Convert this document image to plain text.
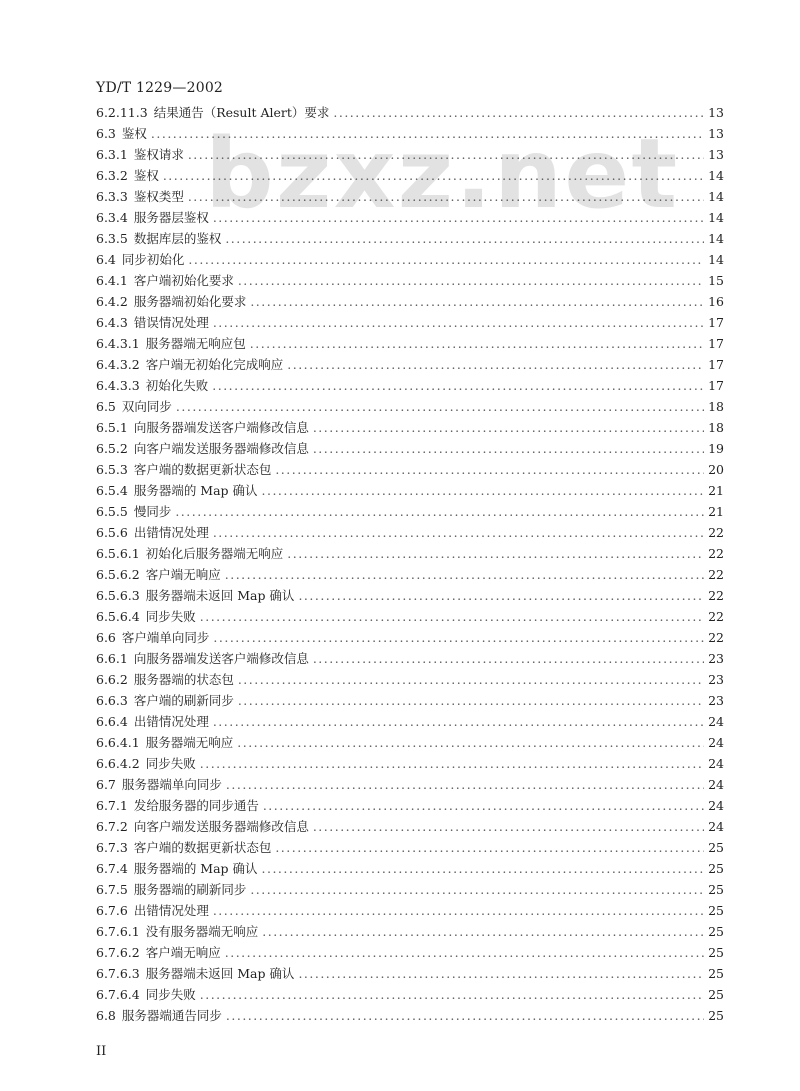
YD/T 1229—2002
bzxz.net
6.2.11.3 结果通告（Result Alert）要求 .....	13
6.3 鉴权 .....	13
6.3.1 鉴权请求 .....	13
6.3.2 鉴权 .....	14
6.3.3 鉴权类型 .....	14
6.3.4 服务器层鉴权 .....	14
6.3.5 数据库层的鉴权 .....	14
6.4 同步初始化 .....	14
6.4.1 客户端初始化要求 .....	15
6.4.2 服务器端初始化要求 .....	16
6.4.3 错误情况处理 .....	17
6.4.3.1 服务器端无响应包 .....	17
6.4.3.2 客户端无初始化完成响应 .....	17
6.4.3.3 初始化失败 .....	17
6.5 双向同步 .....	18
6.5.1 向服务器端发送客户端修改信息 .....	18
6.5.2 向客户端发送服务器端修改信息 .....	19
6.5.3 客户端的数据更新状态包 .....	20
6.5.4 服务器端的 Map 确认 .....	21
6.5.5 慢同步 .....	21
6.5.6 出错情况处理 .....	22
6.5.6.1 初始化后服务器端无响应 .....	22
6.5.6.2 客户端无响应 .....	22
6.5.6.3 服务器端未返回 Map 确认 .....	22
6.5.6.4 同步失败 .....	22
6.6 客户端单向同步 .....	22
6.6.1 向服务器端发送客户端修改信息 .....	23
6.6.2 服务器端的状态包 .....	23
6.6.3 客户端的刷新同步 .....	23
6.6.4 出错情况处理 .....	24
6.6.4.1 服务器端无响应 .....	24
6.6.4.2 同步失败 .....	24
6.7 服务器端单向同步 .....	24
6.7.1 发给服务器的同步通告 .....	24
6.7.2 向客户端发送服务器端修改信息 .....	24
6.7.3 客户端的数据更新状态包 .....	25
6.7.4 服务器端的 Map 确认 .....	25
6.7.5 服务器端的刷新同步 .....	25
6.7.6 出错情况处理 .....	25
6.7.6.1 没有服务器端无响应 .....	25
6.7.6.2 客户端无响应 .....	25
6.7.6.3 服务器端未返回 Map 确认 .....	25
6.7.6.4 同步失败 .....	25
6.8 服务器端通告同步 .....	25
II
